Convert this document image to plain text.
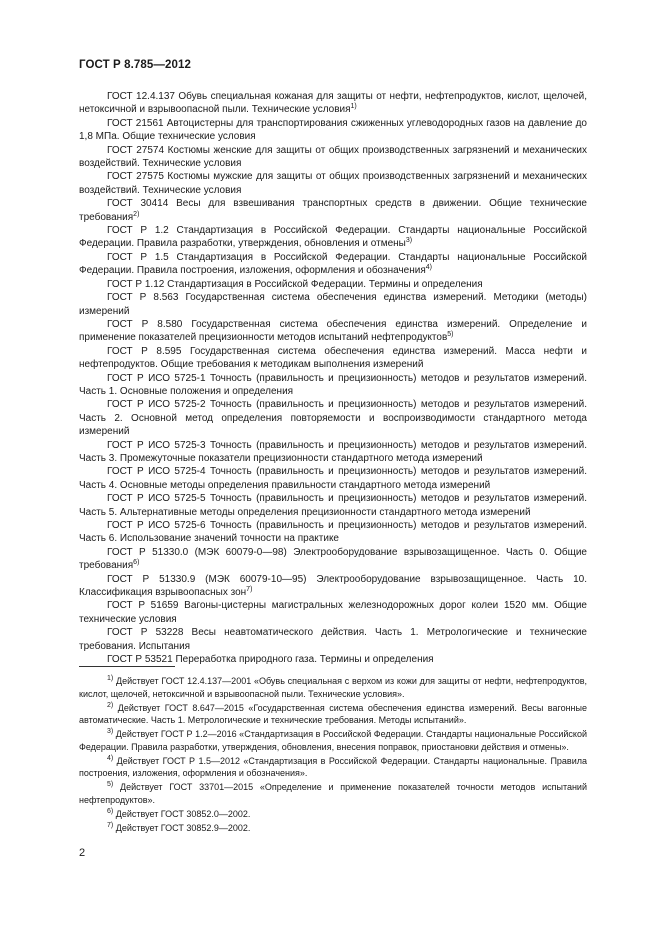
ГОСТ Р 8.785—2012

ГОСТ 12.4.137 Обувь специальная кожаная для защиты от нефти, нефтепродуктов, кислот, щелочей, нетоксичной и взрывоопасной пыли. Технические условия$^{1)}$

ГОСТ 21561 Автоцистерны для транспортирования сжиженных углеводородных газов на давление до 1,8 МПа. Общие технические условия

ГОСТ 27574 Костюмы женские для защиты от общих производственных загрязнений и механических воздействий. Технические условия

ГОСТ 27575 Костюмы мужские для защиты от общих производственных загрязнений и механических воздействий. Технические условия

ГОСТ 30414 Весы для взвешивания транспортных средств в движении. Общие технические требования$^{2)}$

ГОСТ Р 1.2 Стандартизация в Российской Федерации. Стандарты национальные Российской Федерации. Правила разработки, утверждения, обновления и отмены$^{3)}$

ГОСТ Р 1.5 Стандартизация в Российской Федерации. Стандарты национальные Российской Федерации. Правила построения, изложения, оформления и обозначения$^{4)}$

ГОСТ Р 1.12 Стандартизация в Российской Федерации. Термины и определения

ГОСТ Р 8.563 Государственная система обеспечения единства измерений. Методики (методы) измерений

ГОСТ Р 8.580 Государственная система обеспечения единства измерений. Определение и применение показателей прецизионности методов испытаний нефтепродуктов$^{5)}$

ГОСТ Р 8.595 Государственная система обеспечения единства измерений. Масса нефти и нефтепродуктов. Общие требования к методикам выполнения измерений

ГОСТ Р ИСО 5725-1 Точность (правильность и прецизионность) методов и результатов измерений. Часть 1. Основные положения и определения

ГОСТ Р ИСО 5725-2 Точность (правильность и прецизионность) методов и результатов измерений. Часть 2. Основной метод определения повторяемости и воспроизводимости стандартного метода измерений

ГОСТ Р ИСО 5725-3 Точность (правильность и прецизионность) методов и результатов измерений. Часть 3. Промежуточные показатели прецизионности стандартного метода измерений

ГОСТ Р ИСО 5725-4 Точность (правильность и прецизионность) методов и результатов измерений. Часть 4. Основные методы определения правильности стандартного метода измерений

ГОСТ Р ИСО 5725-5 Точность (правильность и прецизионность) методов и результатов измерений. Часть 5. Альтернативные методы определения прецизионности стандартного метода измерений

ГОСТ Р ИСО 5725-6 Точность (правильность и прецизионность) методов и результатов измерений. Часть 6. Использование значений точности на практике

ГОСТ Р 51330.0 (МЭК 60079-0—98) Электрооборудование взрывозащищенное. Часть 0. Общие требования$^{6)}$

ГОСТ Р 51330.9 (МЭК 60079-10—95) Электрооборудование взрывозащищенное. Часть 10. Классификация взрывоопасных зон$^{7)}$

ГОСТ Р 51659 Вагоны-цистерны магистральных железнодорожных дорог колеи 1520 мм. Общие технические условия

ГОСТ Р 53228 Весы неавтоматического действия. Часть 1. Метрологические и технические требования. Испытания

ГОСТ Р 53521 Переработка природного газа. Термины и определения

$^{1)}$ Действует ГОСТ 12.4.137—2001 «Обувь специальная с верхом из кожи для защиты от нефти, нефтепродуктов, кислот, щелочей, нетоксичной и взрывоопасной пыли. Технические условия».

$^{2)}$ Действует ГОСТ 8.647—2015 «Государственная система обеспечения единства измерений. Весы вагонные автоматические. Часть 1. Метрологические и технические требования. Методы испытаний».

$^{3)}$ Действует ГОСТ Р 1.2—2016 «Стандартизация в Российской Федерации. Стандарты национальные Российской Федерации. Правила разработки, утверждения, обновления, внесения поправок, приостановки действия и отмены».

$^{4)}$ Действует ГОСТ Р 1.5—2012 «Стандартизация в Российской Федерации. Стандарты национальные. Правила построения, изложения, оформления и обозначения».

$^{5)}$ Действует ГОСТ 33701—2015 «Определение и применение показателей точности методов испытаний нефтепродуктов».

$^{6)}$ Действует ГОСТ 30852.0—2002.

$^{7)}$ Действует ГОСТ 30852.9—2002.

2
